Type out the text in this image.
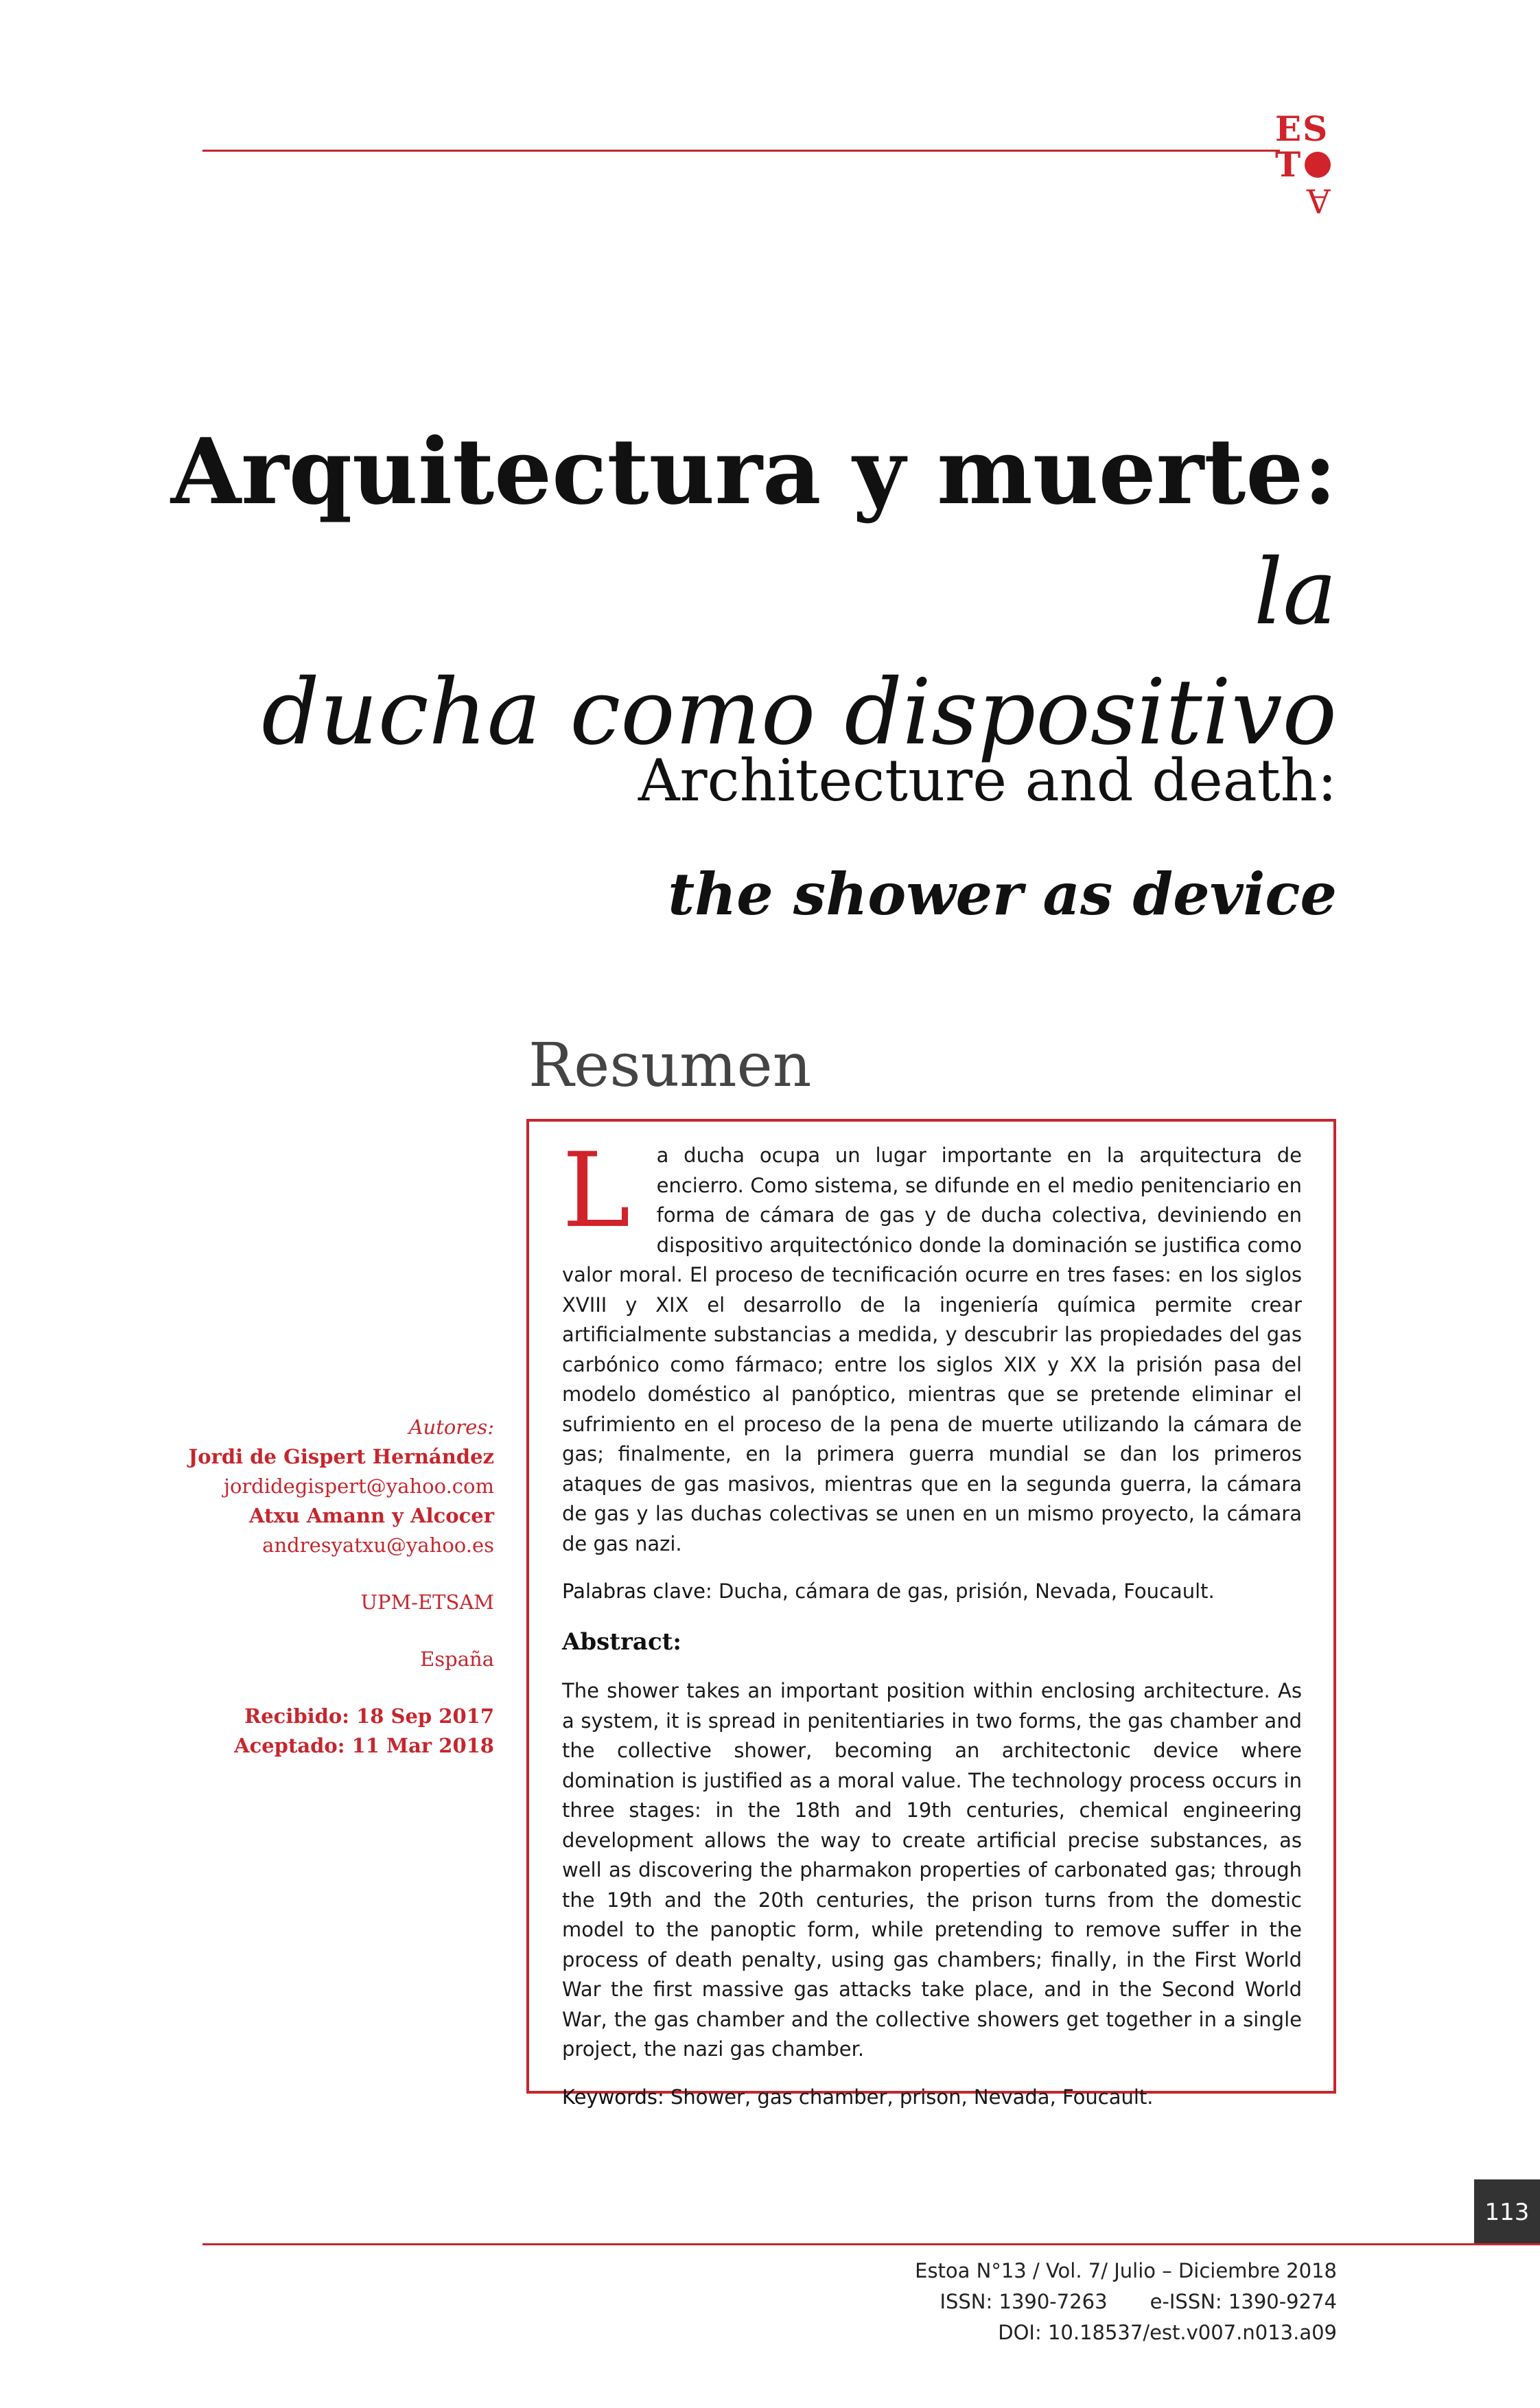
ES
T
A
Arquitectura y muerte: la
ducha como dispositivo
Architecture and death:
the shower as device
Resumen

L a ducha ocupa un lugar importante en la arquitectura de encierro. Como sistema, se difunde en el medio penitenciario en forma de cámara de gas y de ducha colectiva, deviniendo en dispositivo arquitectónico donde la dominación se justifica como valor moral. El proceso de tecnificación ocurre en tres fases: en los siglos XVIII y XIX el desarrollo de la ingeniería química permite crear artificialmente substancias a medida, y descubrir las propiedades del gas carbónico como fármaco; entre los siglos XIX y XX la prisión pasa del modelo doméstico al panóptico, mientras que se pretende eliminar el sufrimiento en el proceso de la pena de muerte utilizando la cámara de gas; finalmente, en la primera guerra mundial se dan los primeros ataques de gas masivos, mientras que en la segunda guerra, la cámara de gas y las duchas colectivas se unen en un mismo proyecto, la cámara de gas nazi.

Palabras clave: Ducha, cámara de gas, prisión, Nevada, Foucault.

Abstract:

The shower takes an important position within enclosing architecture. As a system, it is spread in penitentiaries in two forms, the gas chamber and the collective shower, becoming an architectonic device where domination is justified as a moral value. The technology process occurs in three stages: in the 18th and 19th centuries, chemical engineering development allows the way to create artificial precise substances, as well as discovering the pharmakon properties of carbonated gas; through the 19th and the 20th centuries, the prison turns from the domestic model to the panoptic form, while pretending to remove suffer in the process of death penalty, using gas chambers; finally, in the First World War the first massive gas attacks take place, and in the Second World War, the gas chamber and the collective showers get together in a single project, the nazi gas chamber.

Keywords: Shower, gas chamber, prison, Nevada, Foucault.

Autores:
Jordi de Gispert Hernández
jordidegispert@yahoo.com
Atxu Amann y Alcocer
andresyatxu@yahoo.es
UPM-ETSAM
España
Recibido: 18 Sep 2017
Aceptado: 11 Mar 2018
113
Estoa N°13 / Vol. 7/ Julio – Diciembre 2018
ISSN: 1390-7263 e-ISSN: 1390-9274
DOI: 10.18537/est.v007.n013.a09
